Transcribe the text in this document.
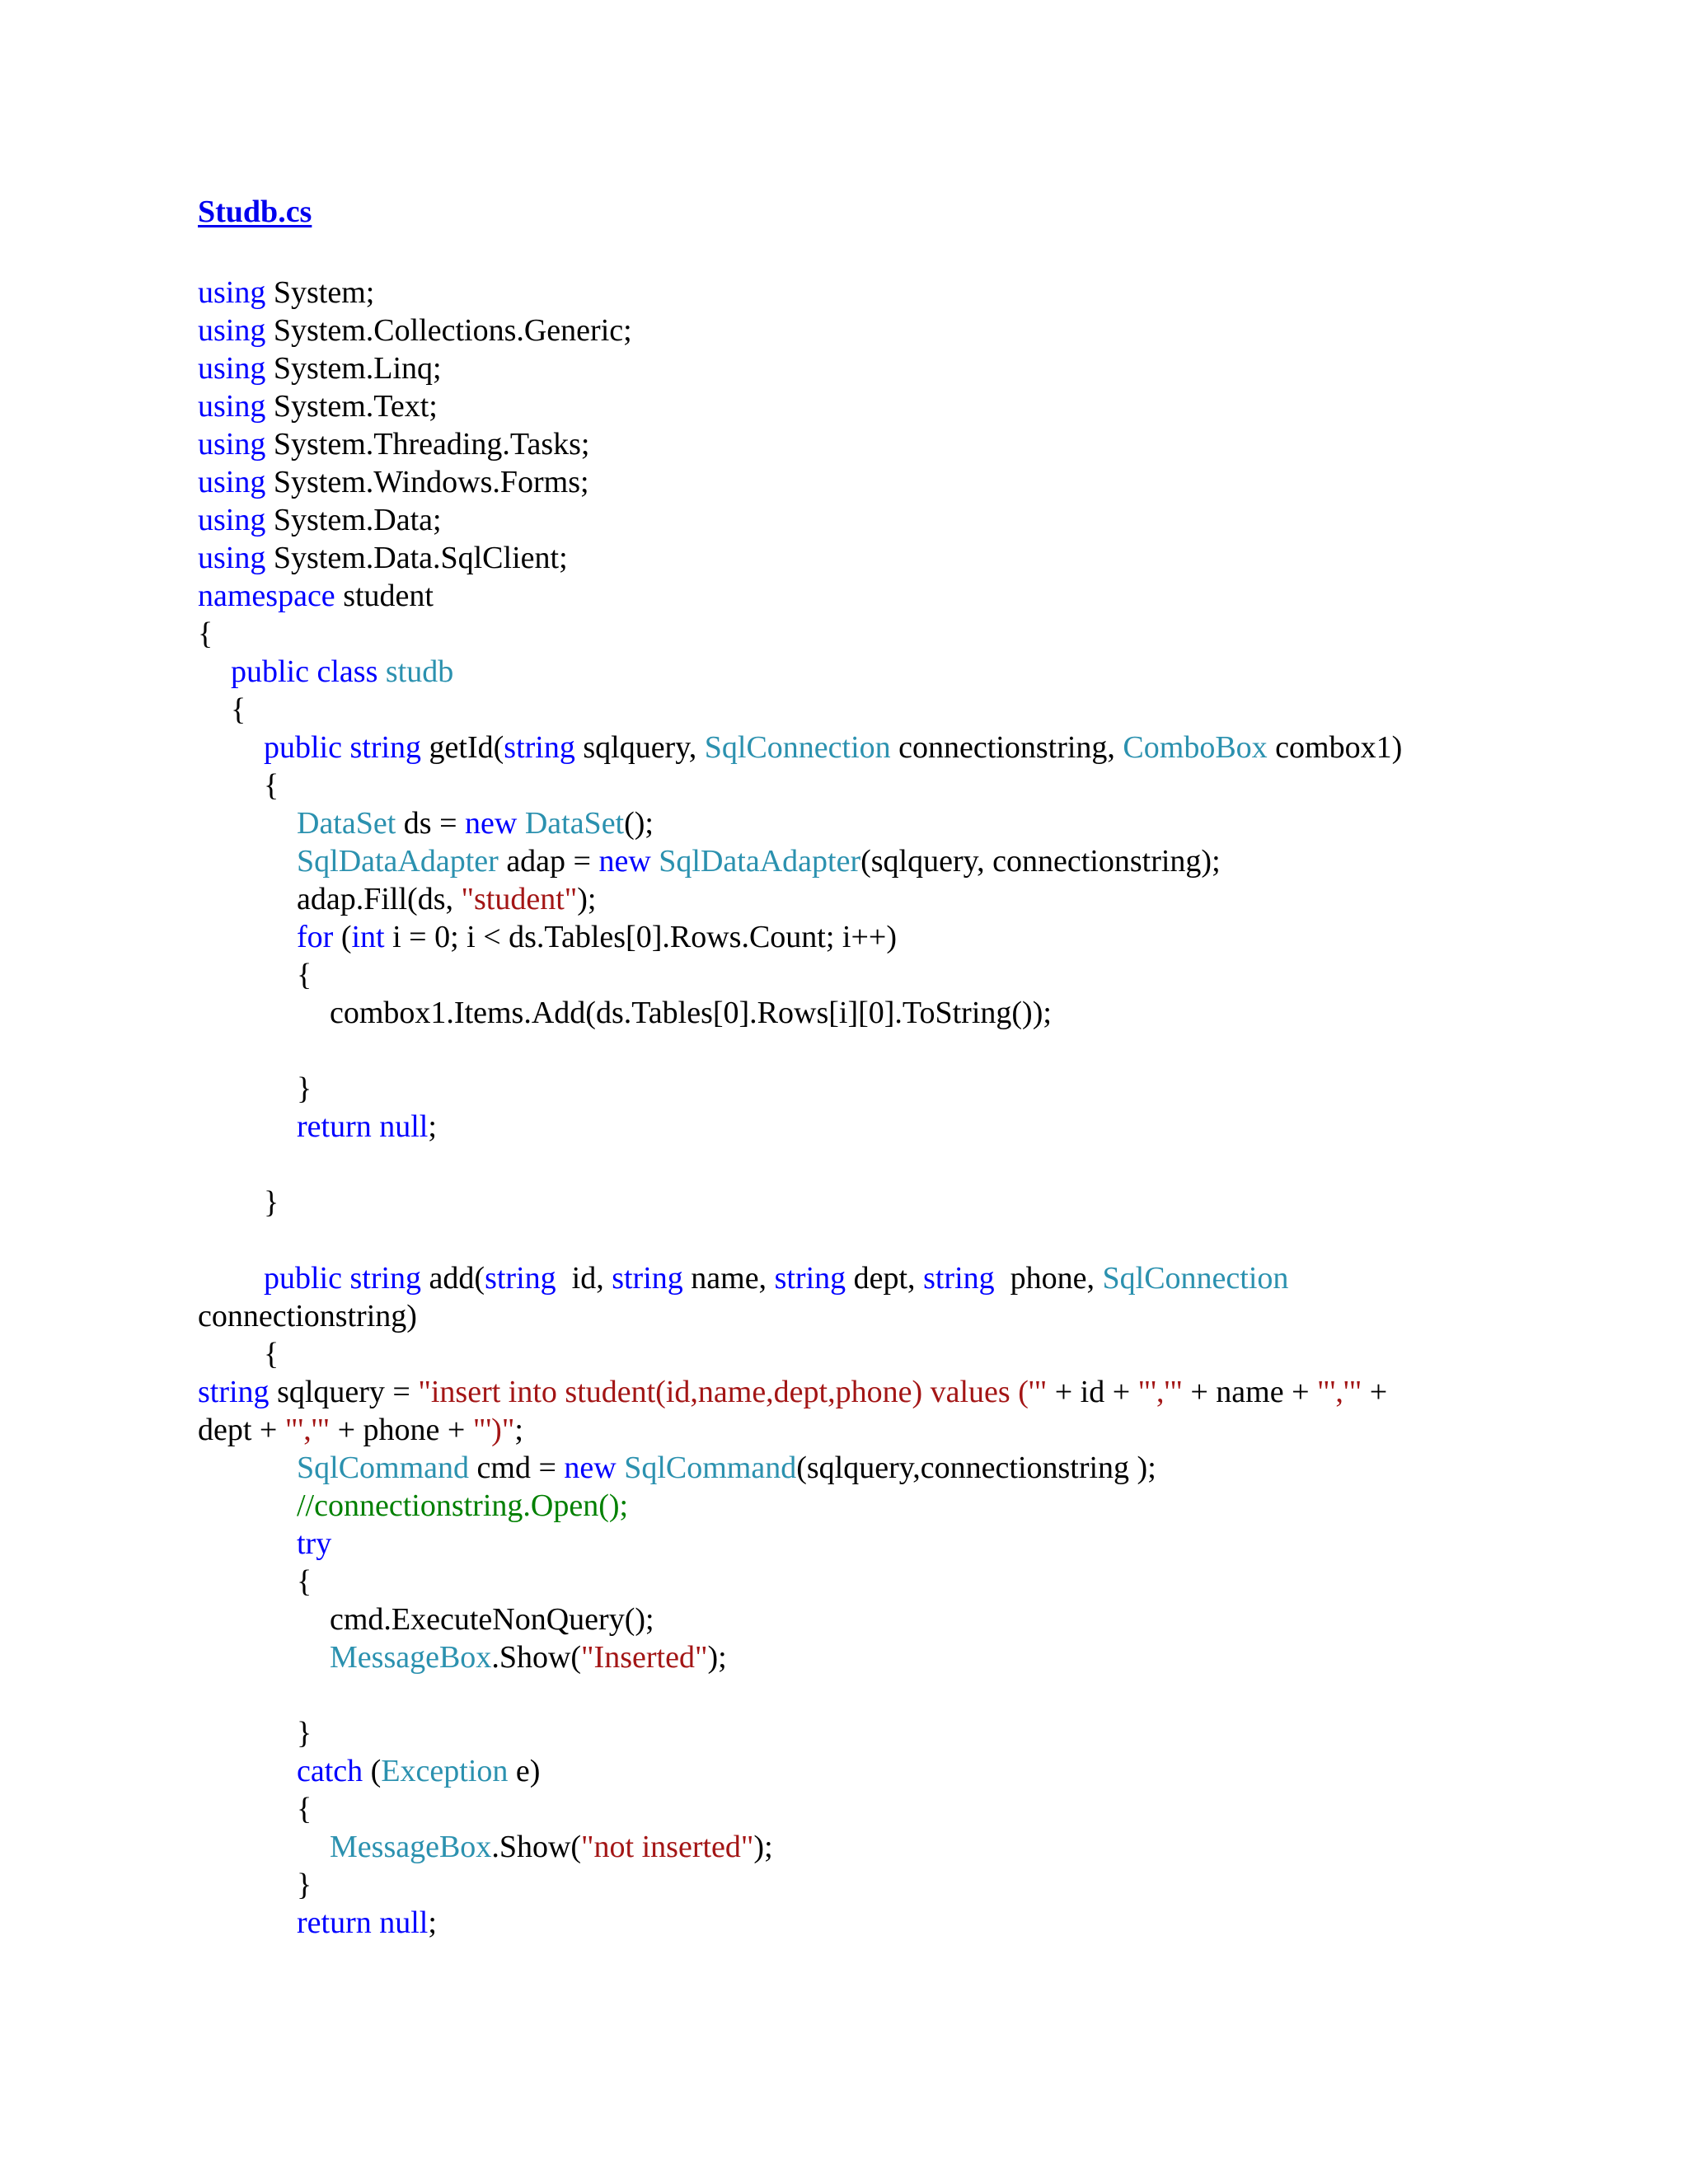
Studb.cs
using System;
using System.Collections.Generic;
using System.Linq;
using System.Text;
using System.Threading.Tasks;
using System.Windows.Forms;
using System.Data;
using System.Data.SqlClient;
namespace student
{
public class studb
{
public string getId(string sqlquery, SqlConnection connectionstring, ComboBox combox1)
{
DataSet ds = new DataSet();
SqlDataAdapter adap = new SqlDataAdapter(sqlquery, connectionstring);
adap.Fill(ds, "student");
for (int i = 0; i < ds.Tables[0].Rows.Count; i++)
{
combox1.Items.Add(ds.Tables[0].Rows[i][0].ToString());
}
return null;
}
public string add(string  id, string name, string dept, string  phone, SqlConnection
connectionstring)
{
string sqlquery = "insert into student(id,name,dept,phone) values ('" + id + "','" + name + "','" +
dept + "','" + phone + "')";
SqlCommand cmd = new SqlCommand(sqlquery,connectionstring );
//connectionstring.Open();
try
{
cmd.ExecuteNonQuery();
MessageBox.Show("Inserted");
}
catch (Exception e)
{
MessageBox.Show("not inserted");
}
return null;
